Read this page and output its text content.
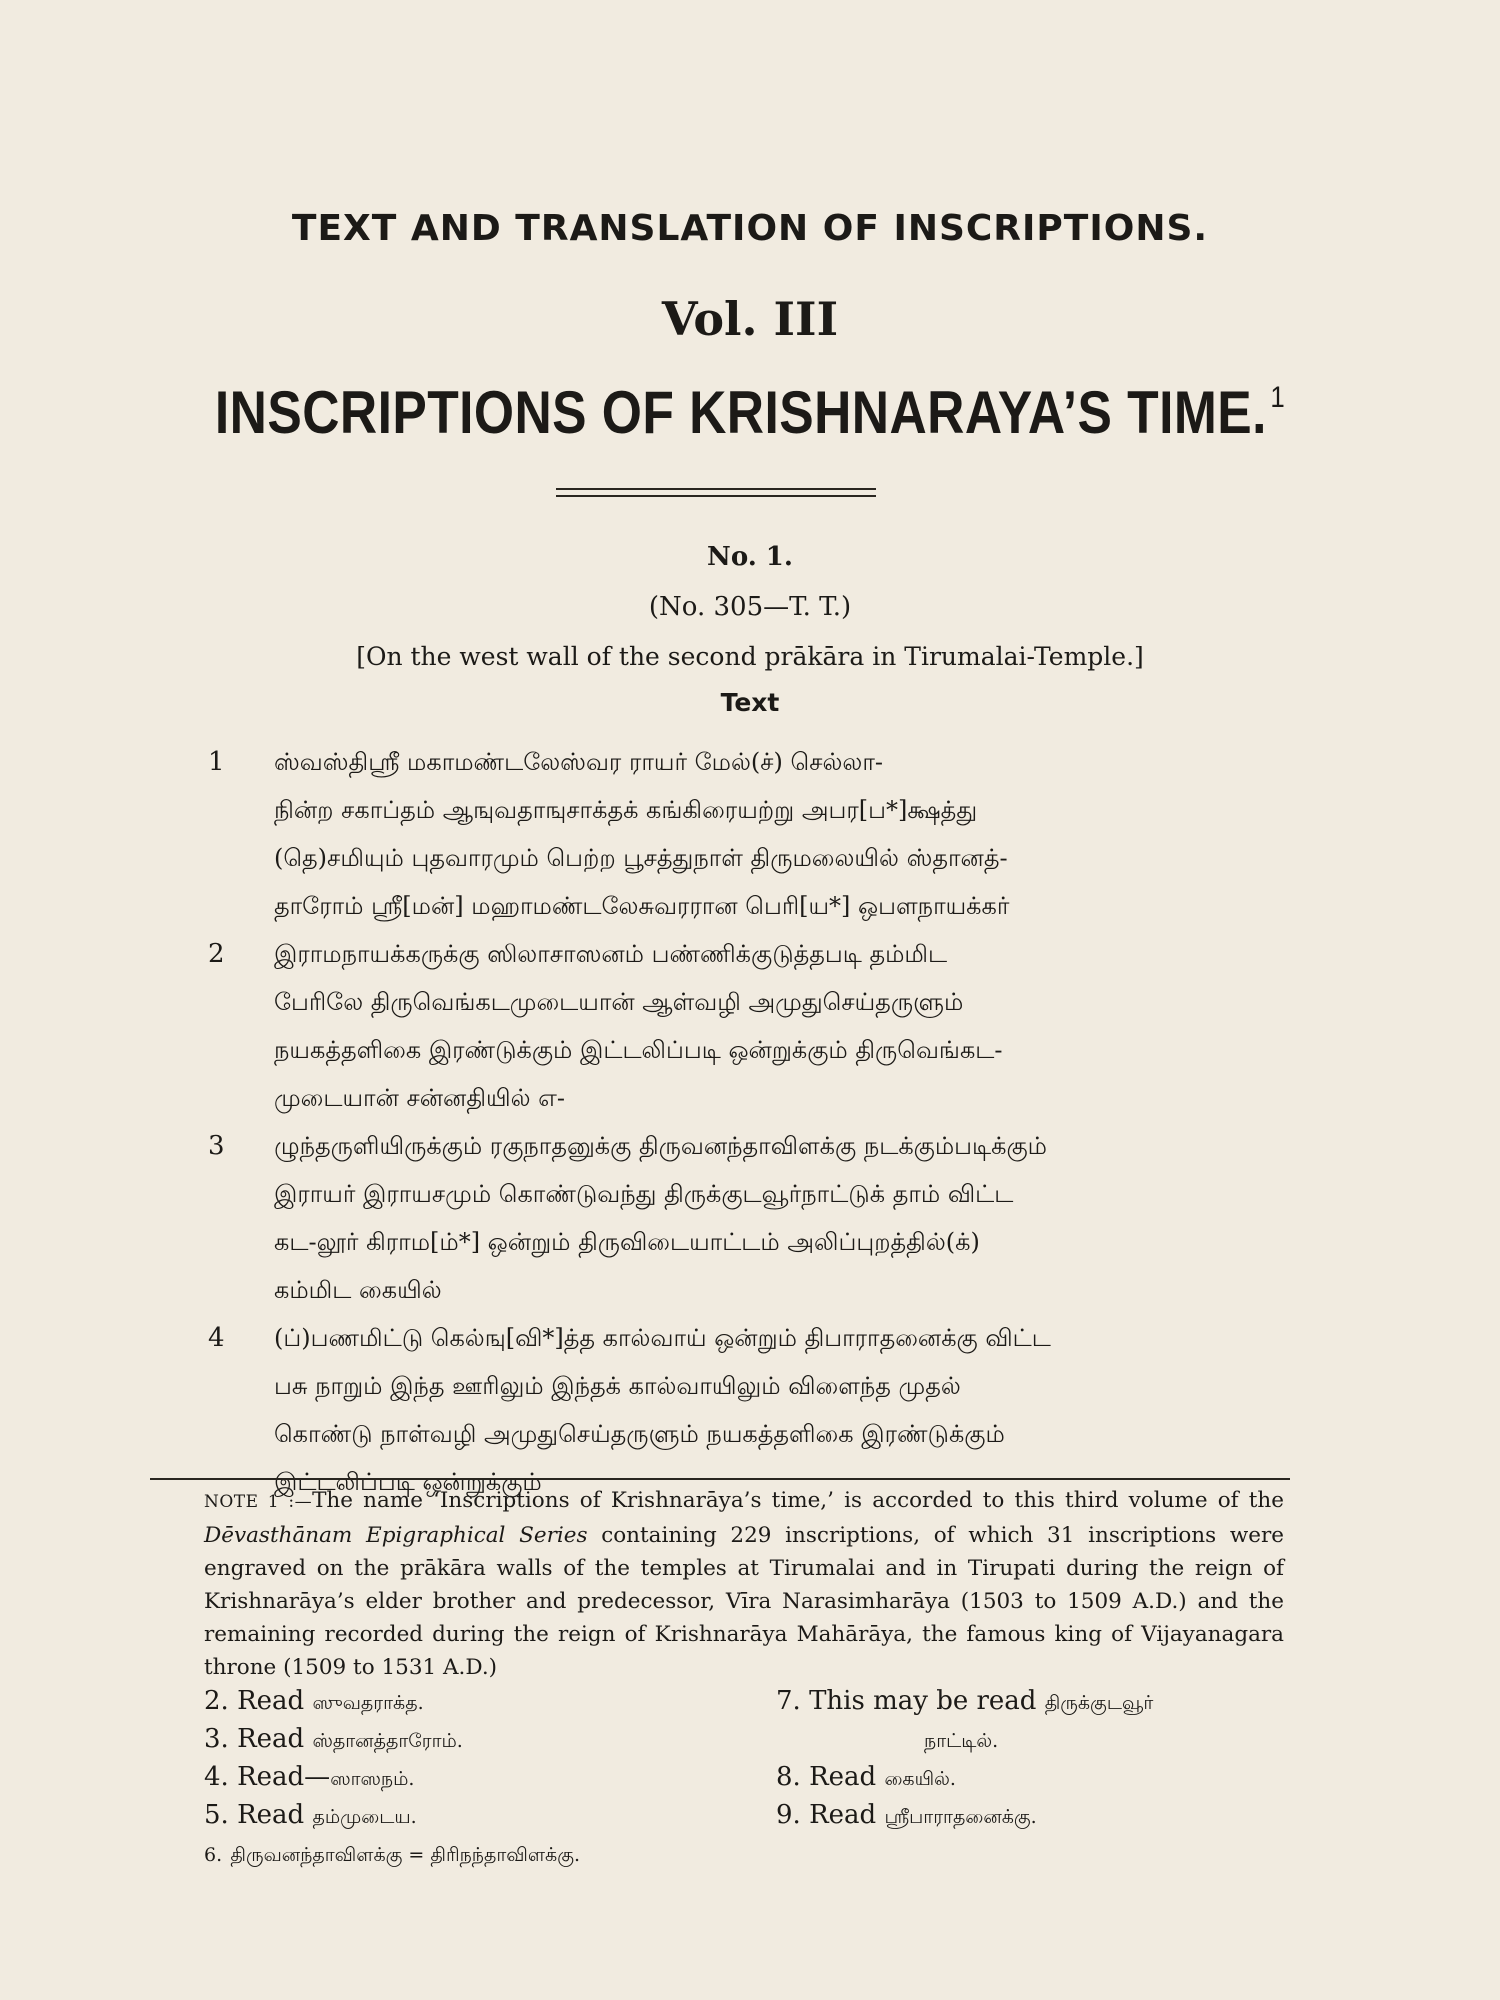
TEXT AND TRANSLATION OF INSCRIPTIONS.
Vol. III
INSCRIPTIONS OF KRISHNARAYA’S TIME. $^1$
No. 1.
(No. 305—T. T.)
[On the west wall of the second prākāra in Tirumalai-Temple.]
Text
1 ஸ்வஸ்திஸ்ரீ மகாமண்டலேஸ்வர ராயர் மேல்(ச்) செல்லா-
நின்ற சகாப்தம் ஆஙுவதாஙுசாக்தக் கங்கிரையற்று அபர[ப*]க்ஷத்து
(தெ)சமியும் புதவாரமும் பெற்ற பூசத்துநாள் திருமலையில் ஸ்தானத்-
தாரோம் ஸ்ரீ[மன்] மஹாமண்டலேசுவரரான பெரி[ய*] ஒபளநாயக்கர்
2 இராமநாயக்கருக்கு ஸிலாசாஸனம் பண்ணிக்குடுத்தபடி தம்மிட
பேரிலே திருவெங்கடமுடையான் ஆள்வழி அமுதுசெய்தருளும்
நயகத்தளிகை இரண்டுக்கும் இட்டலிப்படி ஒன்றுக்கும் திருவெங்கட-
முடையான் சன்னதியில் எ-
3 ழுந்தருளியிருக்கும் ரகுநாதனுக்கு திருவனந்தாவிளக்கு நடக்கும்படிக்கும்
இராயர் இராயசமும் கொண்டுவந்து திருக்குடவூர்நாட்டுக் தாம் விட்ட
கட-லூர் கிராம[ம்*] ஒன்றும் திருவிடையாட்டம் அலிப்புறத்தில்(க்)
கம்மிட கையில்
4 (ப்)பணமிட்டு கெல்ஙு[வி*]த்த கால்வாய் ஒன்றும் திபாராதனைக்கு விட்ட
பசு நாறும் இந்த ஊரிலும் இந்தக் கால்வாயிலும் விளைந்த முதல்
கொண்டு நாள்வழி அமுதுசெய்தருளும் நயகத்தளிகை இரண்டுக்கும்
இட்டலிப்படி ஒன்றுக்கும்
NOTE 1 :—The name ‘Inscriptions of Krishnarāya’s time,’ is accorded to this third volume of the Dēvasthānam Epigraphical Series containing 229 inscriptions, of which 31 inscriptions were engraved on the prākāra walls of the temples at Tirumalai and in Tirupati during the reign of Krishnarāya’s elder brother and predecessor, Vīra Narasimharāya (1503 to 1509 A.D.) and the remaining recorded during the reign of Krishnarāya Mahārāya, the famous king of Vijayanagara throne (1509 to 1531 A.D.)
2. Read ஸுவதராக்த.
3. Read ஸ்தானத்தாரோம்.
4. Read—ஸாஸநம்.
5. Read தம்முடைய.
6. திருவனந்தாவிளக்கு = திரிநந்தாவிளக்கு.
7. This may be read திருக்குடவூர்
நாட்டில்.
8. Read கையில்.
9. Read ஸ்ரீபாராதனைக்கு.
